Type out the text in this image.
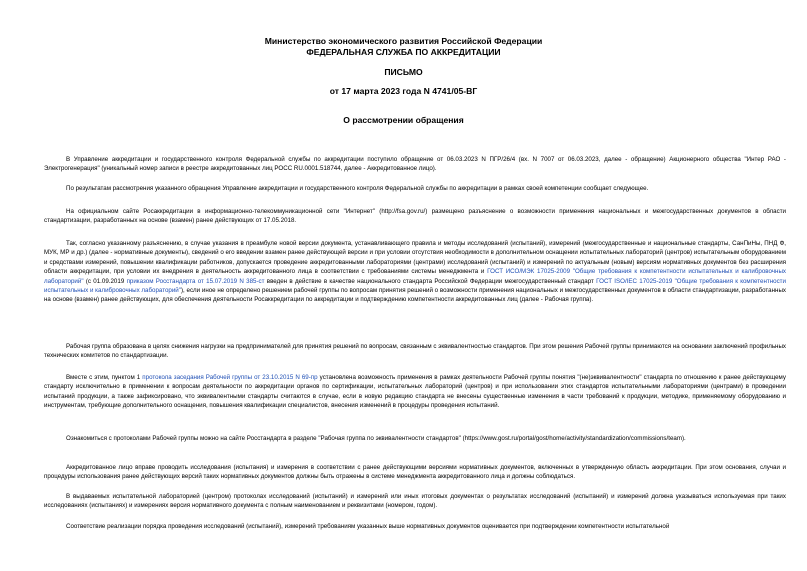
Министерство экономического развития Российской Федерации
ФЕДЕРАЛЬНАЯ СЛУЖБА ПО АККРЕДИТАЦИИ
ПИСЬМО
от 17 марта 2023 года N 4741/05-ВГ
О рассмотрении обращения
В Управление аккредитации и государственного контроля Федеральной службы по аккредитации поступило обращение от 06.03.2023 N ПГР/26/4 (вх. N 7007 от 06.03.2023, далее - обращение) Акционерного общества "Интер РАО - Электрогенерация" (уникальный номер записи в реестре аккредитованных лиц РОСС RU.0001.518744, далее - Аккредитованное лицо).
По результатам рассмотрения указанного обращения Управление аккредитации и государственного контроля Федеральной службы по аккредитации в рамках своей компетенции сообщает следующее.
На официальном сайте Росаккредитации в информационно-телекоммуникационной сети "Интернет" (http://fsa.gov.ru/) размещено разъяснение о возможности применения национальных и межгосударственных документов в области стандартизации, разработанных на основе (взамен) ранее действующих от 17.05.2018.
Так, согласно указанному разъяснению, в случае указания в преамбуле новой версии документа, устанавливающего правила и методы исследований (испытаний), измерений (межгосударственные и национальные стандарты, СанПиНы, ПНД Ф, МУК, МР и др.) (далее - нормативные документы), сведений о его введении взамен ранее действующей версии и при условии отсутствия необходимости в дополнительном оснащении испытательных лабораторий (центров) испытательным оборудованием и средствами измерений, повышении квалификации работников, допускается проведение аккредитованными лабораториями (центрами) исследований (испытаний) и измерений по актуальным (новым) версиям нормативных документов без расширения области аккредитации, при условии их внедрения в деятельность аккредитованного лица в соответствии с требованиями системы менеджмента и ГОСТ ИСО/МЭК 17025-2009 "Общие требования к компетентности испытательных и калибровочных лабораторий" (с 01.09.2019 приказом Росстандарта от 15.07.2019 N 385-ст введен в действие в качестве национального стандарта Российской Федерации межгосударственный стандарт ГОСТ ISO/IEC 17025-2019 "Общие требования к компетентности испытательных и калибровочных лабораторий"), если иное не определено решением рабочей группы по вопросам принятия решений о возможности применения национальных и межгосударственных документов в области стандартизации, разработанных на основе (взамен) ранее действующих, для обеспечения деятельности Росаккредитации по аккредитации и подтверждению компетентности аккредитованных лиц (далее - Рабочая группа).
Рабочая группа образована в целях снижения нагрузки на предпринимателей для принятия решений по вопросам, связанным с эквивалентностью стандартов. При этом решения Рабочей группы принимаются на основании заключений профильных технических комитетов по стандартизации.
Вместе с этим, пунктом 1 протокола заседания Рабочей группы от 23.10.2015 N 69-пр установлена возможность применения в рамках деятельности Рабочей группы понятия "(не)эквивалентности" стандарта по отношению к ранее действующему стандарту исключительно в применении к вопросам деятельности по аккредитации органов по сертификации, испытательных лабораторий (центров) и при использовании этих стандартов испытательными лабораториями (центрами) в проведении испытаний продукции, а также зафиксировано, что эквивалентными стандарты считаются в случае, если в новую редакцию стандарта не внесены существенные изменения в части требований к продукции, методике, применяемому оборудованию и инструментам, требующие дополнительного оснащения, повышения квалификации специалистов, внесения изменений в процедуры проведения испытаний.
Ознакомиться с протоколами Рабочей группы можно на сайте Росстандарта в разделе "Рабочая группа по эквивалентности стандартов" (https://www.gost.ru/portal/gost/home/activity/standardization/commissions/team).
Аккредитованное лицо вправе проводить исследования (испытания) и измерения в соответствии с ранее действующими версиями нормативных документов, включенных в утвержденную область аккредитации. При этом основания, случаи и процедуры использования ранее действующих версий таких нормативных документов должны быть отражены в системе менеджмента аккредитованного лица и должны соблюдаться.
В выдаваемых испытательной лабораторией (центром) протоколах исследований (испытаний) и измерений или иных итоговых документах о результатах исследований (испытаний) и измерений должна указываться используемая при таких исследованиях (испытаниях) и измерениях версия нормативного документа с полным наименованием и реквизитами (номером, годом).
Соответствие реализации порядка проведения исследований (испытаний), измерений требованиям указанных выше нормативных документов оценивается при подтверждении компетентности испытательной
